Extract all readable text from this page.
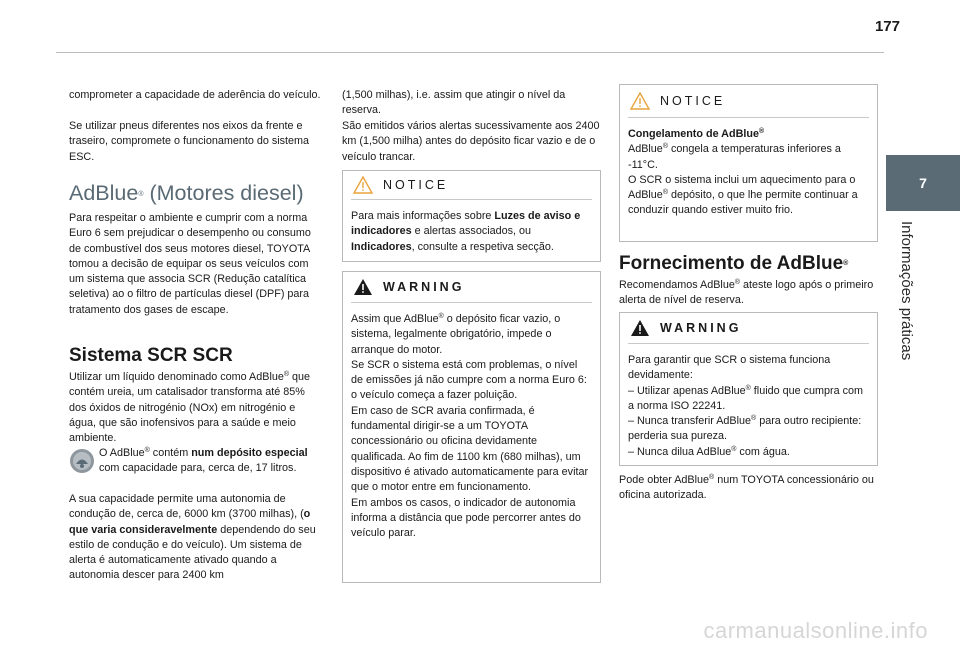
177
7
Informações práticas

comprometer a capacidade de aderência do veículo.

Se utilizar pneus diferentes nos eixos da frente e traseiro, compromete o funcionamento do sistema ESC.

AdBlue® (Motores diesel)

Para respeitar o ambiente e cumprir com a norma Euro 6 sem prejudicar o desempenho ou consumo de combustível dos seus motores diesel, TOYOTA tomou a decisão de equipar os seus veículos com um sistema que associa SCR (Redução catalítica seletiva) ao o filtro de partículas diesel (DPF) para tratamento dos gases de escape.

Sistema SCR SCR

Utilizar um líquido denominado como AdBlue® que contém ureia, um catalisador transforma até 85% dos óxidos de nitrogénio (NOx) em nitrogénio e água, que são inofensivos para a saúde e meio ambiente.

O AdBlue® contém num depósito especial com capacidade para, cerca de, 17 litros.

A sua capacidade permite uma autonomia de condução de, cerca de, 6000 km (3700 milhas), (o que varia consideravelmente dependendo do seu estilo de condução e do veículo). Um sistema de alerta é automaticamente ativado quando a autonomia descer para 2400 km

(1,500 milhas), i.e. assim que atingir o nível da reserva.

São emitidos vários alertas sucessivamente aos 2400 km (1,500 milha) antes do depósito ficar vazio e de o veículo trancar.

NOTICE

Para mais informações sobre Luzes de aviso e indicadores e alertas associados, ou Indicadores, consulte a respetiva secção.

WARNING

Assim que AdBlue® o depósito ficar vazio, o sistema, legalmente obrigatório, impede o arranque do motor.

Se SCR o sistema está com problemas, o nível de emissões já não cumpre com a norma Euro 6: o veículo começa a fazer poluição.

Em caso de SCR avaria confirmada, é fundamental dirigir-se a um TOYOTA concessionário ou oficina devidamente qualificada. Ao fim de 1100 km (680 milhas), um dispositivo é ativado automaticamente para evitar que o motor entre em funcionamento.

Em ambos os casos, o indicador de autonomia informa a distância que pode percorrer antes do veículo parar.

NOTICE

Congelamento de AdBlue®

AdBlue® congela a temperaturas inferiores a -11°C.

O SCR o sistema inclui um aquecimento para o AdBlue® depósito, o que lhe permite continuar a conduzir quando estiver muito frio.

Fornecimento de AdBlue®

Recomendamos AdBlue® ateste logo após o primeiro alerta de nível de reserva.

WARNING

Para garantir que SCR o sistema funciona devidamente:

– Utilizar apenas AdBlue® fluido que cumpra com a norma ISO 22241.

– Nunca transferir AdBlue® para outro recipiente: perderia sua pureza.

– Nunca dilua AdBlue® com água.

Pode obter AdBlue® num TOYOTA concessionário ou oficina autorizada.

carmanualsonline.info
